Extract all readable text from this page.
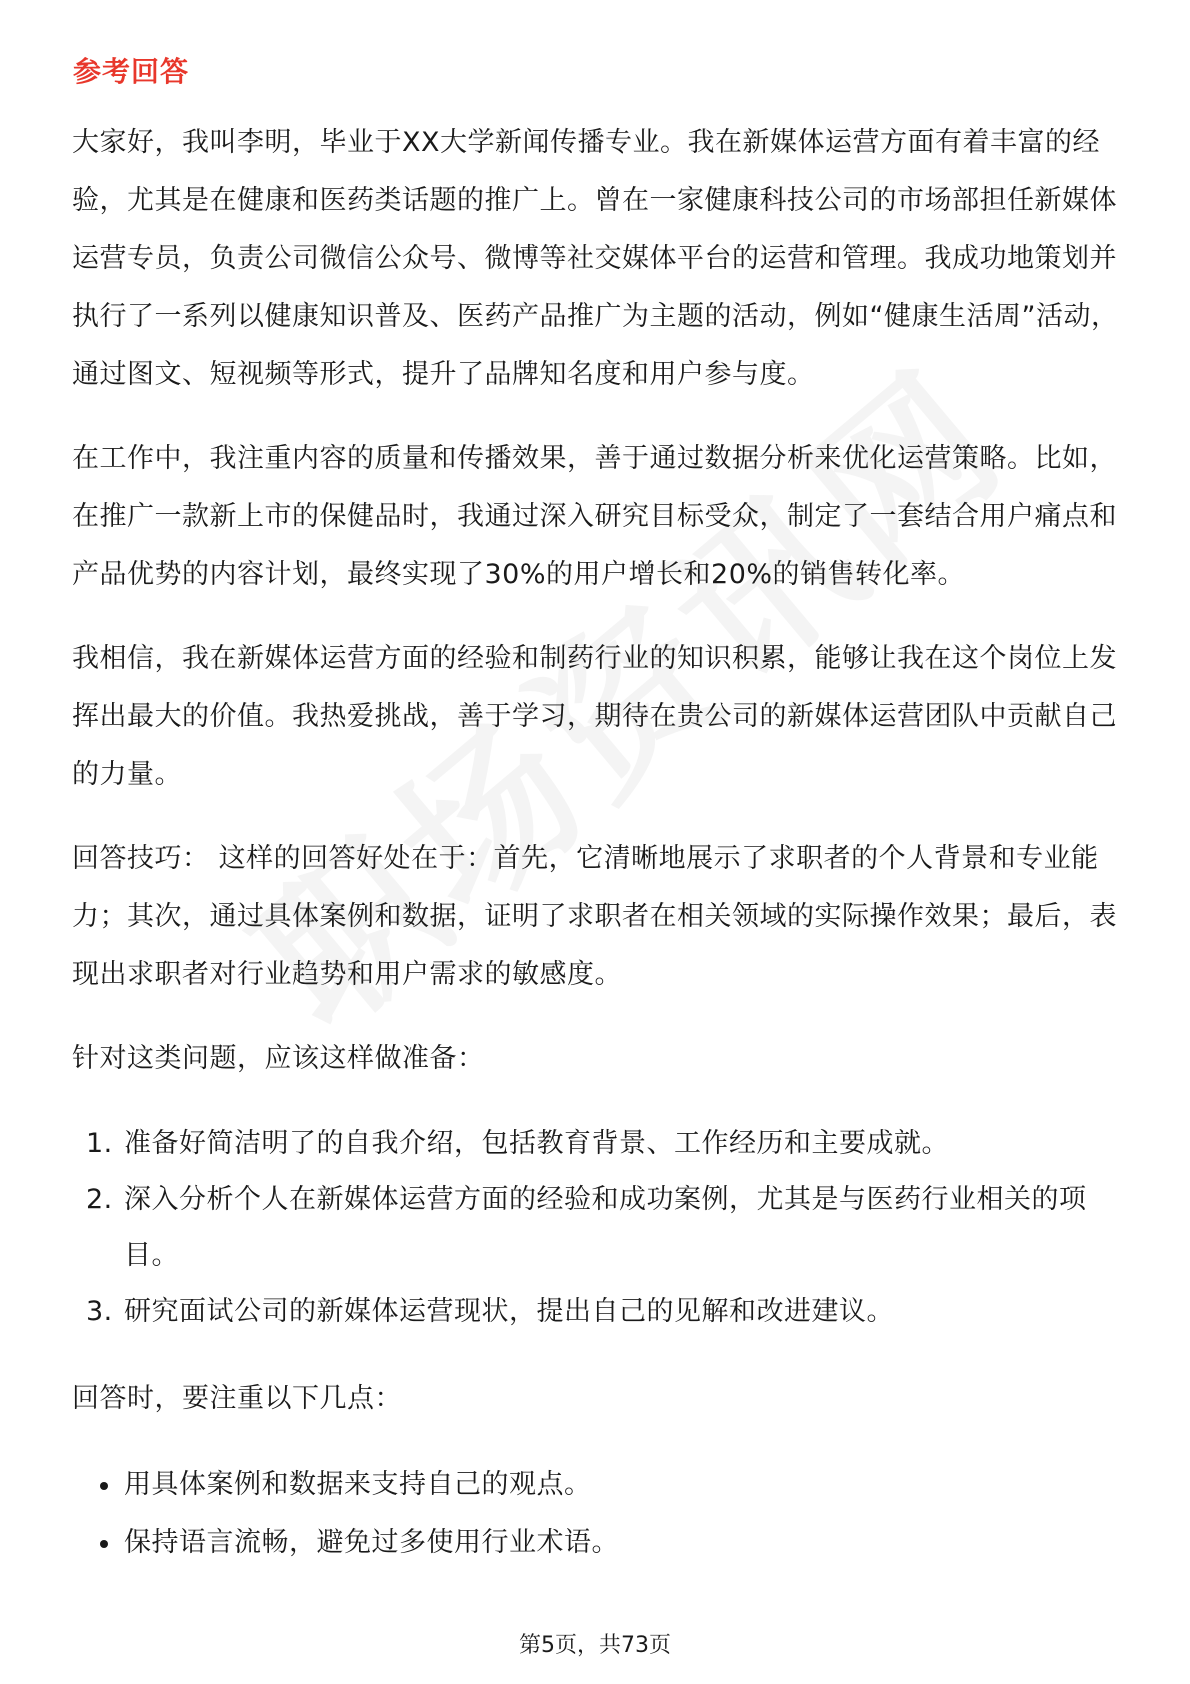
参考回答

大家好，我叫李明，毕业于XX大学新闻传播专业。我在新媒体运营方面有着丰富的经验，尤其是在健康和医药类话题的推广上。曾在一家健康科技公司的市场部担任新媒体运营专员，负责公司微信公众号、微博等社交媒体平台的运营和管理。我成功地策划并执行了一系列以健康知识普及、医药产品推广为主题的活动，例如“健康生活周”活动，通过图文、短视频等形式，提升了品牌知名度和用户参与度。

在工作中，我注重内容的质量和传播效果，善于通过数据分析来优化运营策略。比如，在推广一款新上市的保健品时，我通过深入研究目标受众，制定了一套结合用户痛点和产品优势的内容计划，最终实现了30%的用户增长和20%的销售转化率。

我相信，我在新媒体运营方面的经验和制药行业的知识积累，能够让我在这个岗位上发挥出最大的价值。我热爱挑战，善于学习，期待在贵公司的新媒体运营团队中贡献自己的力量。

回答技巧： 这样的回答好处在于：首先，它清晰地展示了求职者的个人背景和专业能力；其次，通过具体案例和数据，证明了求职者在相关领域的实际操作效果；最后，表现出求职者对行业趋势和用户需求的敏感度。

针对这类问题，应该这样做准备：

1. 准备好简洁明了的自我介绍，包括教育背景、工作经历和主要成就。
2. 深入分析个人在新媒体运营方面的经验和成功案例，尤其是与医药行业相关的项目。
3. 研究面试公司的新媒体运营现状，提出自己的见解和改进建议。

回答时，要注重以下几点：

用具体案例和数据来支持自己的观点。
保持语言流畅，避免过多使用行业术语。
第5页，共73页
